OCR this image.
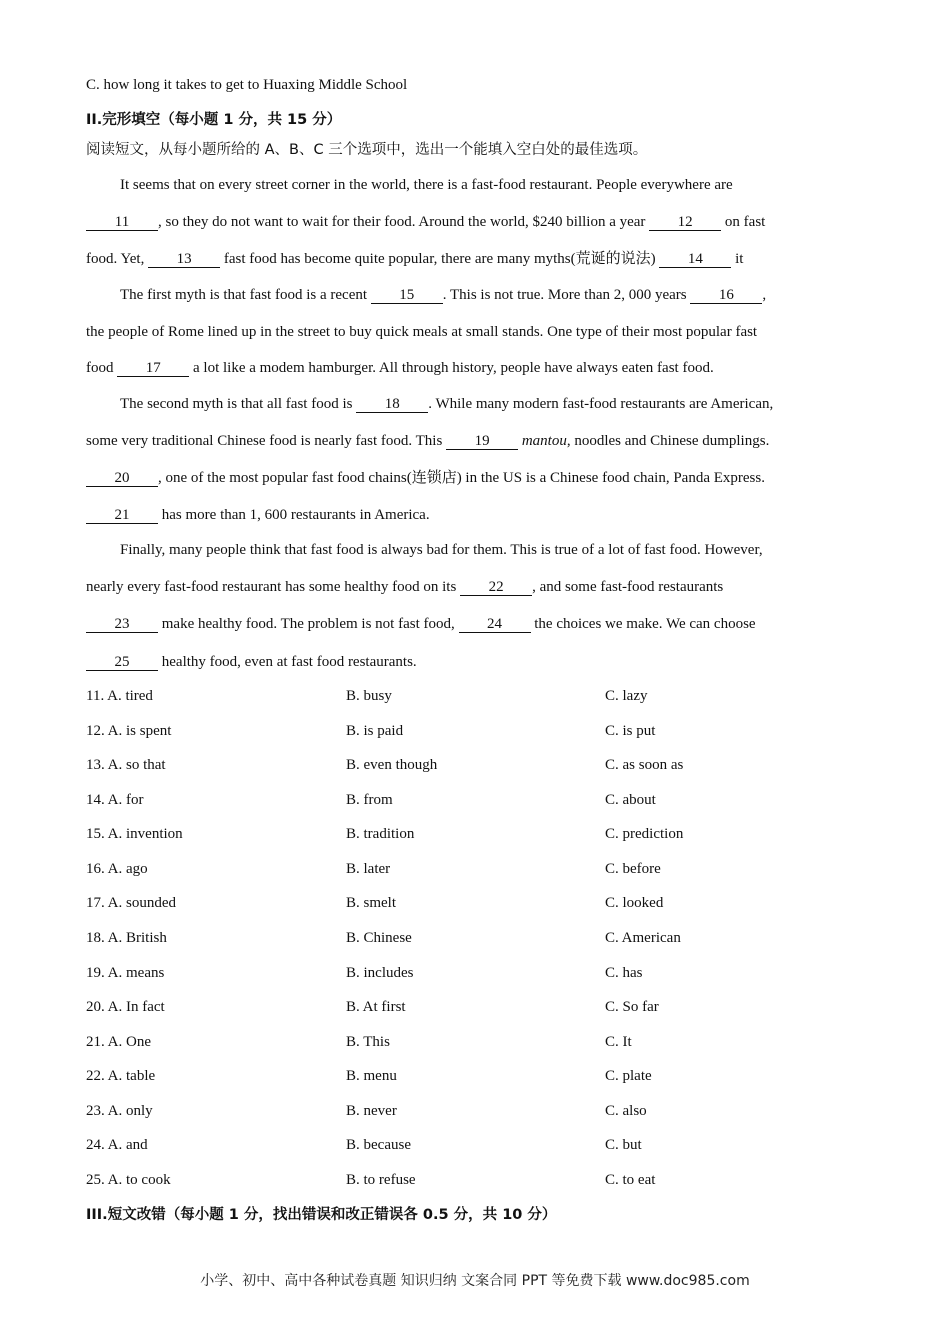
C. how long it takes to get to Huaxing Middle School
II.完形填空（每小题 1 分，共 15 分）
阅读短文，从每小题所给的 A、B、C 三个选项中，选出一个能填入空白处的最佳选项。
It seems that on every street corner in the world, there is a fast-food restaurant. People everywhere are
11 , so they do not want to wait for their food. Around the world, $240 billion a year 12 on fast
food. Yet, 13 fast food has become quite popular, there are many myths(荒诞的说法) 14 it
The first myth is that fast food is a recent 15 . This is not true. More than 2, 000 years 16 ,
the people of Rome lined up in the street to buy quick meals at small stands. One type of their most popular fast
food 17 a lot like a modem hamburger. All through history, people have always eaten fast food.
The second myth is that all fast food is 18 . While many modern fast-food restaurants are American,
some very traditional Chinese food is nearly fast food. This 19 mantou, noodles and Chinese dumplings.
20 , one of the most popular fast food chains(连锁店) in the US is a Chinese food chain, Panda Express.
21 has more than 1, 600 restaurants in America.
Finally, many people think that fast food is always bad for them. This is true of a lot of fast food. However,
nearly every fast-food restaurant has some healthy food on its 22 , and some fast-food restaurants
23 make healthy food. The problem is not fast food, 24 the choices we make. We can choose
25 healthy food, even at fast food restaurants.
11. A. tired	B. busy	C. lazy
12. A. is spent	B. is paid	C. is put
13. A. so that	B. even though	C. as soon as
14. A. for	B. from	C. about
15. A. invention	B. tradition	C. prediction
16. A. ago	B. later	C. before
17. A. sounded	B. smelt	C. looked
18. A. British	B. Chinese	C. American
19. A. means	B. includes	C. has
20. A. In fact	B. At first	C. So far
21. A. One	B. This	C. It
22. A. table	B. menu	C. plate
23. A. only	B. never	C. also
24. A. and	B. because	C. but
25. A. to cook	B. to refuse	C. to eat
III.短文改错（每小题 1 分，找出错误和改正错误各 0.5 分，共 10 分）
小学、初中、高中各种试卷真题 知识归纳 文案合同 PPT 等免费下载 www.doc985.com
